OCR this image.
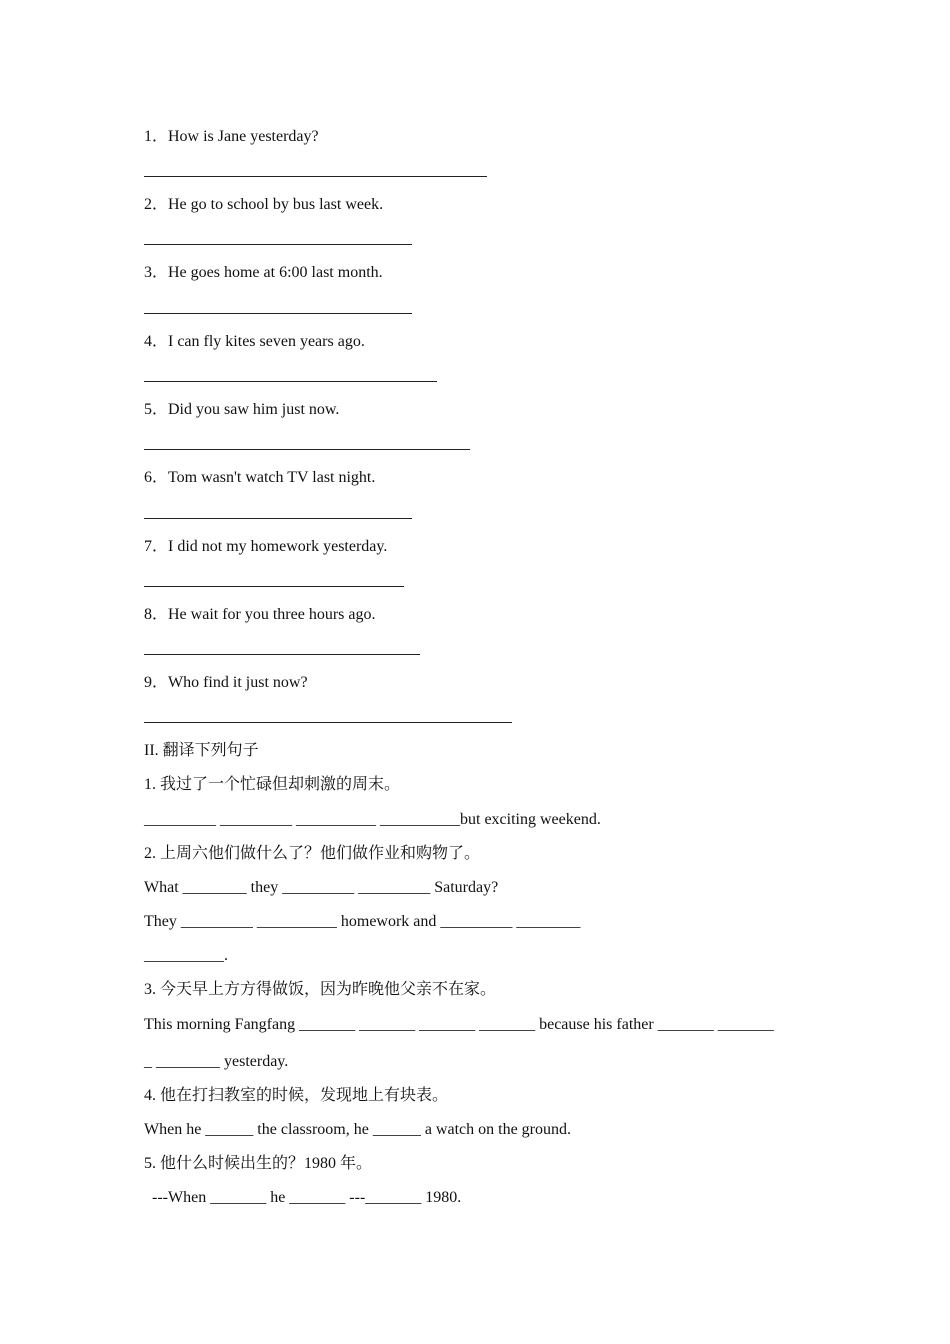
1．How is Jane yesterday?
2．He go to school by bus last week.
3．He goes home at 6:00 last month.
4．I can fly kites seven years ago.
5．Did you saw him just now.
6．Tom wasn't watch TV last night.
7．I did not my homework yesterday.
8．He wait for you three hours ago.
9．Who find it just now?
II. 翻译下列句子
1. 我过了一个忙碌但却刺激的周末。
_________ _________ __________ __________but exciting weekend.
2. 上周六他们做什么了？他们做作业和购物了。
What ________ they _________ _________ Saturday?
They _________ __________ homework and _________ ________
__________.
3. 今天早上方方得做饭，因为昨晚他父亲不在家。
This morning Fangfang _______ _______ _______ _______ because his father _______ _______
_ ________ yesterday.
4. 他在打扫教室的时候，发现地上有块表。
When he ______ the classroom, he ______ a watch on the ground.
5. 他什么时候出生的？1980 年。
---When _______ he _______ ---_______ 1980.
